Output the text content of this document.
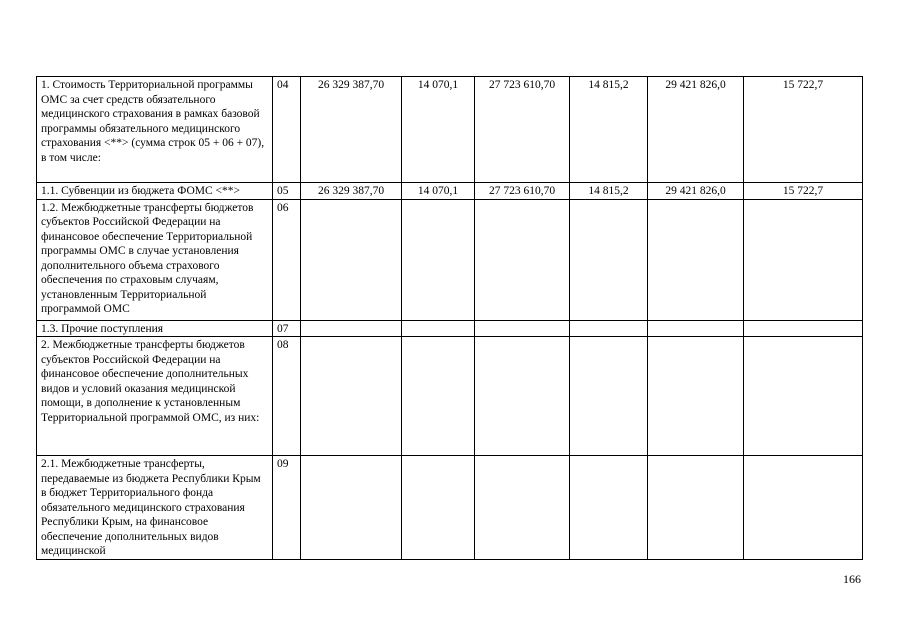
1. Стоимость Территориальной программы ОМС за счет средств обязательного медицинского страхования в рамках базовой программы обязательного медицинского страхования <**> (сумма строк 05 + 06 + 07), в том числе:	04	26 329 387,70	14 070,1	27 723 610,70	14 815,2	29 421 826,0	15 722,7
1.1. Субвенции из бюджета ФОМС <**>	05	26 329 387,70	14 070,1	27 723 610,70	14 815,2	29 421 826,0	15 722,7
1.2. Межбюджетные трансферты бюджетов субъектов Российской Федерации на финансовое обеспечение Территориальной программы ОМС в случае установления дополнительного объема страхового обеспечения по страховым случаям, установленным Территориальной программой ОМС	06						
1.3. Прочие поступления	07						
2. Межбюджетные трансферты бюджетов субъектов Российской Федерации на финансовое обеспечение дополнительных видов и условий оказания медицинской помощи, в дополнение к установленным Территориальной программой ОМС, из них:	08						
2.1. Межбюджетные трансферты, передаваемые из бюджета Республики Крым в бюджет Территориального фонда обязательного медицинского страхования Республики Крым, на финансовое обеспечение дополнительных видов медицинской	09						
166
